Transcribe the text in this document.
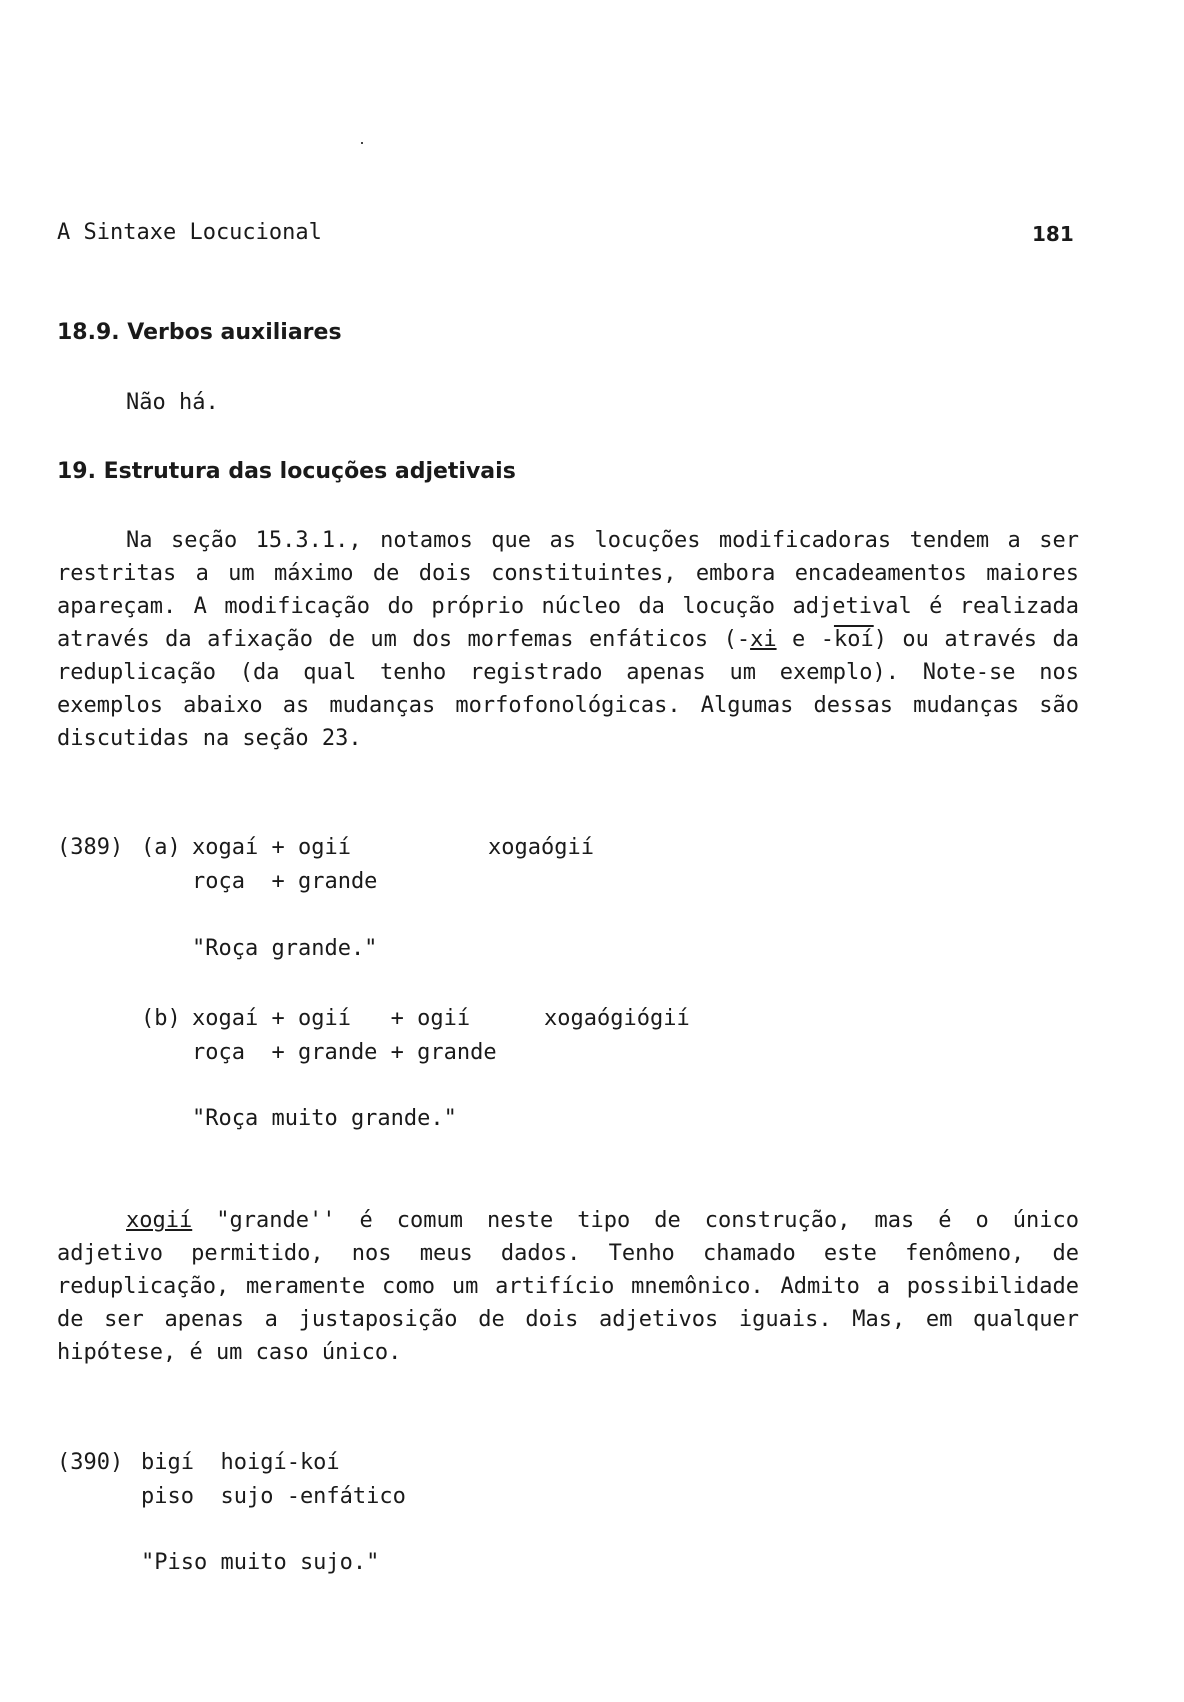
A Sintaxe Locucional	181
18.9. Verbos auxiliares
Não há.
19. Estrutura das locuções adjetivais
Na seção 15.3.1., notamos que as locuções modificadoras tendem a ser
restritas a um máximo de dois constituintes, embora encadeamentos maiores
apareçam. A modificação do próprio núcleo da locução adjetival é realizada
através da afixação de um dos morfemas enfáticos (-xi e $-\overline{koí}$) ou através da
reduplicação (da qual tenho registrado apenas um exemplo). Note-se nos
exemplos abaixo as mudanças morfofonológicas. Algumas dessas mudanças são
discutidas na seção 23.
(389) (a) xogaí + ogií	xogaógií
roça  + grande
"Roça grande."
(b) xogaí + ogií   + ogií	xogaógiógií
roça  + grande + grande
"Roça muito grande."
xogií "grande'' é comum neste tipo de construção, mas é o único
adjetivo permitido, nos meus dados. Tenho chamado este fenômeno, de
reduplicação, meramente como um artifício mnemônico. Admito a possibilidade
de ser apenas a justaposição de dois adjetivos iguais. Mas, em qualquer
hipótese, é um caso único.
(390) bigí  hoigí-koí
piso  sujo -enfático
"Piso muito sujo."
